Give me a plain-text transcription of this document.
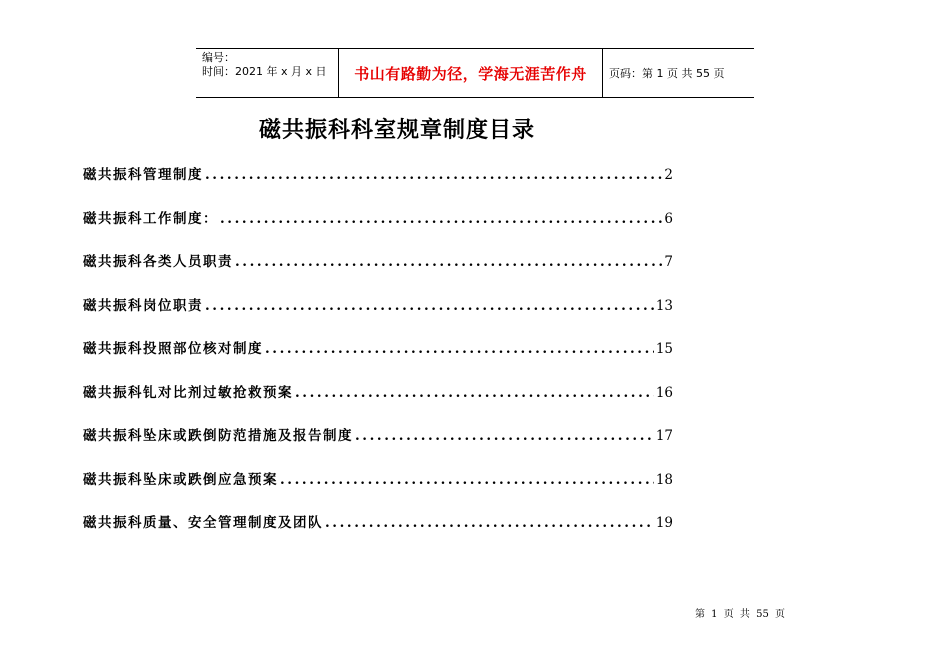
编号：
时间：2021 年 x 月 x 日	书山有路勤为径，学海无涯苦作舟	页码：第 1 页 共 55 页
磁共振科科室规章制度目录
磁共振科管理制度 .....	2
磁共振科工作制度： .....	6
磁共振科各类人员职责 .....	7
磁共振科岗位职责 .....	13
磁共振科投照部位核对制度 .....	15
磁共振科钆对比剂过敏抢救预案 .....	16
磁共振科坠床或跌倒防范措施及报告制度 .....	17
磁共振科坠床或跌倒应急预案 .....	18
磁共振科质量、安全管理制度及团队 .....	19
第 1 页 共 55 页
